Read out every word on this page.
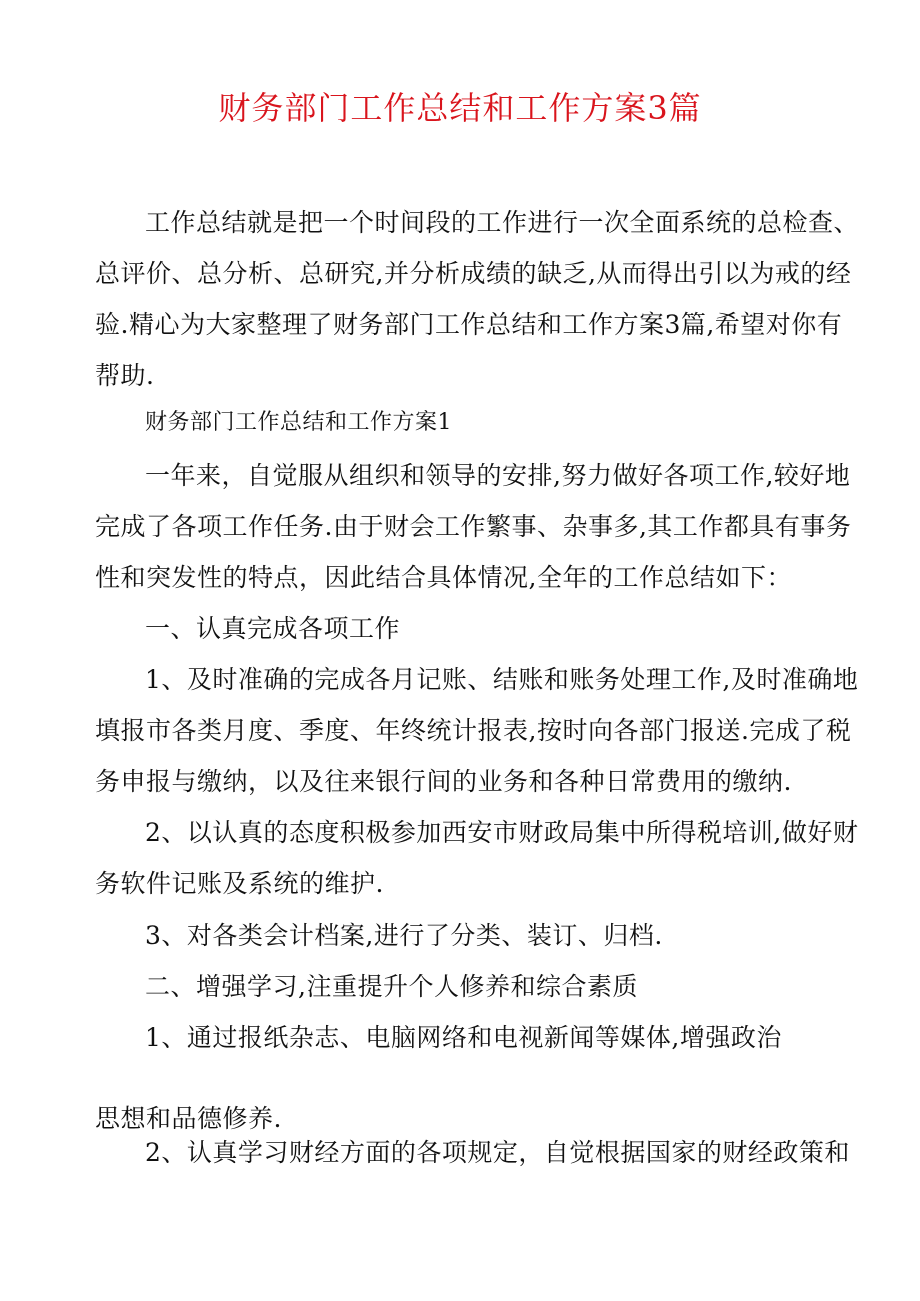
财务部门工作总结和工作方案3篇
工作总结就是把一个时间段的工作进行一次全面系统的总检查、
总评价、总分析、总研究,并分析成绩的缺乏,从而得出引以为戒的经
验.精心为大家整理了财务部门工作总结和工作方案3篇,希望对你有
帮助.
财务部门工作总结和工作方案1
一年来，自觉服从组织和领导的安排,努力做好各项工作,较好地
完成了各项工作任务.由于财会工作繁事、杂事多,其工作都具有事务
性和突发性的特点，因此结合具体情况,全年的工作总结如下：
一、认真完成各项工作
1、及时准确的完成各月记账、结账和账务处理工作,及时准确地
填报市各类月度、季度、年终统计报表,按时向各部门报送.完成了税
务申报与缴纳，以及往来银行间的业务和各种日常费用的缴纳.
2、以认真的态度积极参加西安市财政局集中所得税培训,做好财
务软件记账及系统的维护.
3、对各类会计档案,进行了分类、装订、归档.
二、增强学习,注重提升个人修养和综合素质
1、通过报纸杂志、电脑网络和电视新闻等媒体,增强政治
思想和品德修养.
2、认真学习财经方面的各项规定，自觉根据国家的财经政策和
